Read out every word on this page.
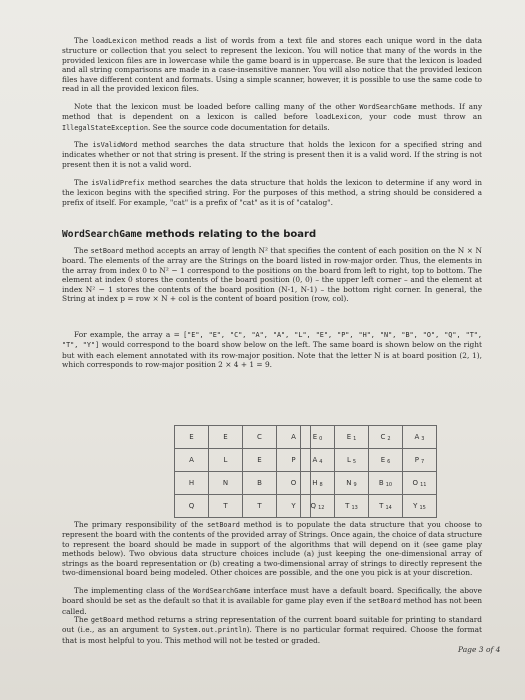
The loadLexicon method reads a list of words from a text file and stores each unique word in the data structure or collection that you select to represent the lexicon. You will notice that many of the words in the provided lexicon files are in lowercase while the game board is in uppercase. Be sure that the lexicon is loaded and all string comparisons are made in a case-insensitive manner. You will also notice that the provided lexicon files have different content and formats. Using a simple scanner, however, it is possible to use the same code to read in all the provided lexicon files.

Note that the lexicon must be loaded before calling many of the other WordSearchGame methods. If any method that is dependent on a lexicon is called before loadLexicon, your code must throw an IllegalStateException. See the source code documentation for details.

The isValidWord method searches the data structure that holds the lexicon for a specified string and indicates whether or not that string is present. If the string is present then it is a valid word. If the string is not present then it is not a valid word.

The isValidPrefix method searches the data structure that holds the lexicon to determine if any word in the lexicon begins with the specified string. For the purposes of this method, a string should be considered a prefix of itself. For example, "cat" is a prefix of "cat" as it is of "catalog".

WordSearchGame methods relating to the board

The setBoard method accepts an array of length N² that specifies the content of each position on the N × N board. The elements of the array are the Strings on the board listed in row-major order. Thus, the elements in the array from index 0 to N² − 1 correspond to the positions on the board from left to right, top to bottom. The element at index 0 stores the contents of the board position (0, 0) – the upper left corner – and the element at index N² − 1 stores the contents of the board position (N-1, N-1) – the bottom right corner. In general, the String at index p = row × N + col is the content of board position (row, col).

For example, the array a = ["E", "E", "C", "A", "A", "L", "E", "P", "H", "N", "B", "O", "Q", "T", "T", "Y"] would correspond to the board show below on the left. The same board is shown below on the right but with each element annotated with its row-major position. Note that the letter N is at board position (2, 1), which corresponds to row-major position 2 × 4 + 1 = 9.

E	E	C	A
A	L	E	P
H	N	B	O
Q	T	T	Y
E $_0$	E $_1$	C $_2$	A $_3$
A $_4$	L $_5$	E $_6$	P $_7$
H $_8$	N $_9$	B $_{10}$	O $_{11}$
Q $_{12}$	T $_{13}$	T $_{14}$	Y $_{15}$

The primary responsibility of the setBoard method is to populate the data structure that you choose to represent the board with the contents of the provided array of Strings. Once again, the choice of data structure to represent the board should be made in support of the algorithms that will depend on it (see game play methods below). Two obvious data structure choices include (a) just keeping the one-dimensional array of strings as the board representation or (b) creating a two-dimensional array of strings to directly represent the two-dimensional board being modeled. Other choices are possible, and the one you pick is at your discretion.

The implementing class of the WordSearchGame interface must have a default board. Specifically, the above board should be set as the default so that it is available for game play even if the setBoard method has not been called.

The getBoard method returns a string representation of the current board suitable for printing to standard out (i.e., as an argument to System.out.println). There is no particular format required. Choose the format that is most helpful to you. This method will not be tested or graded.

Page 3 of 4
